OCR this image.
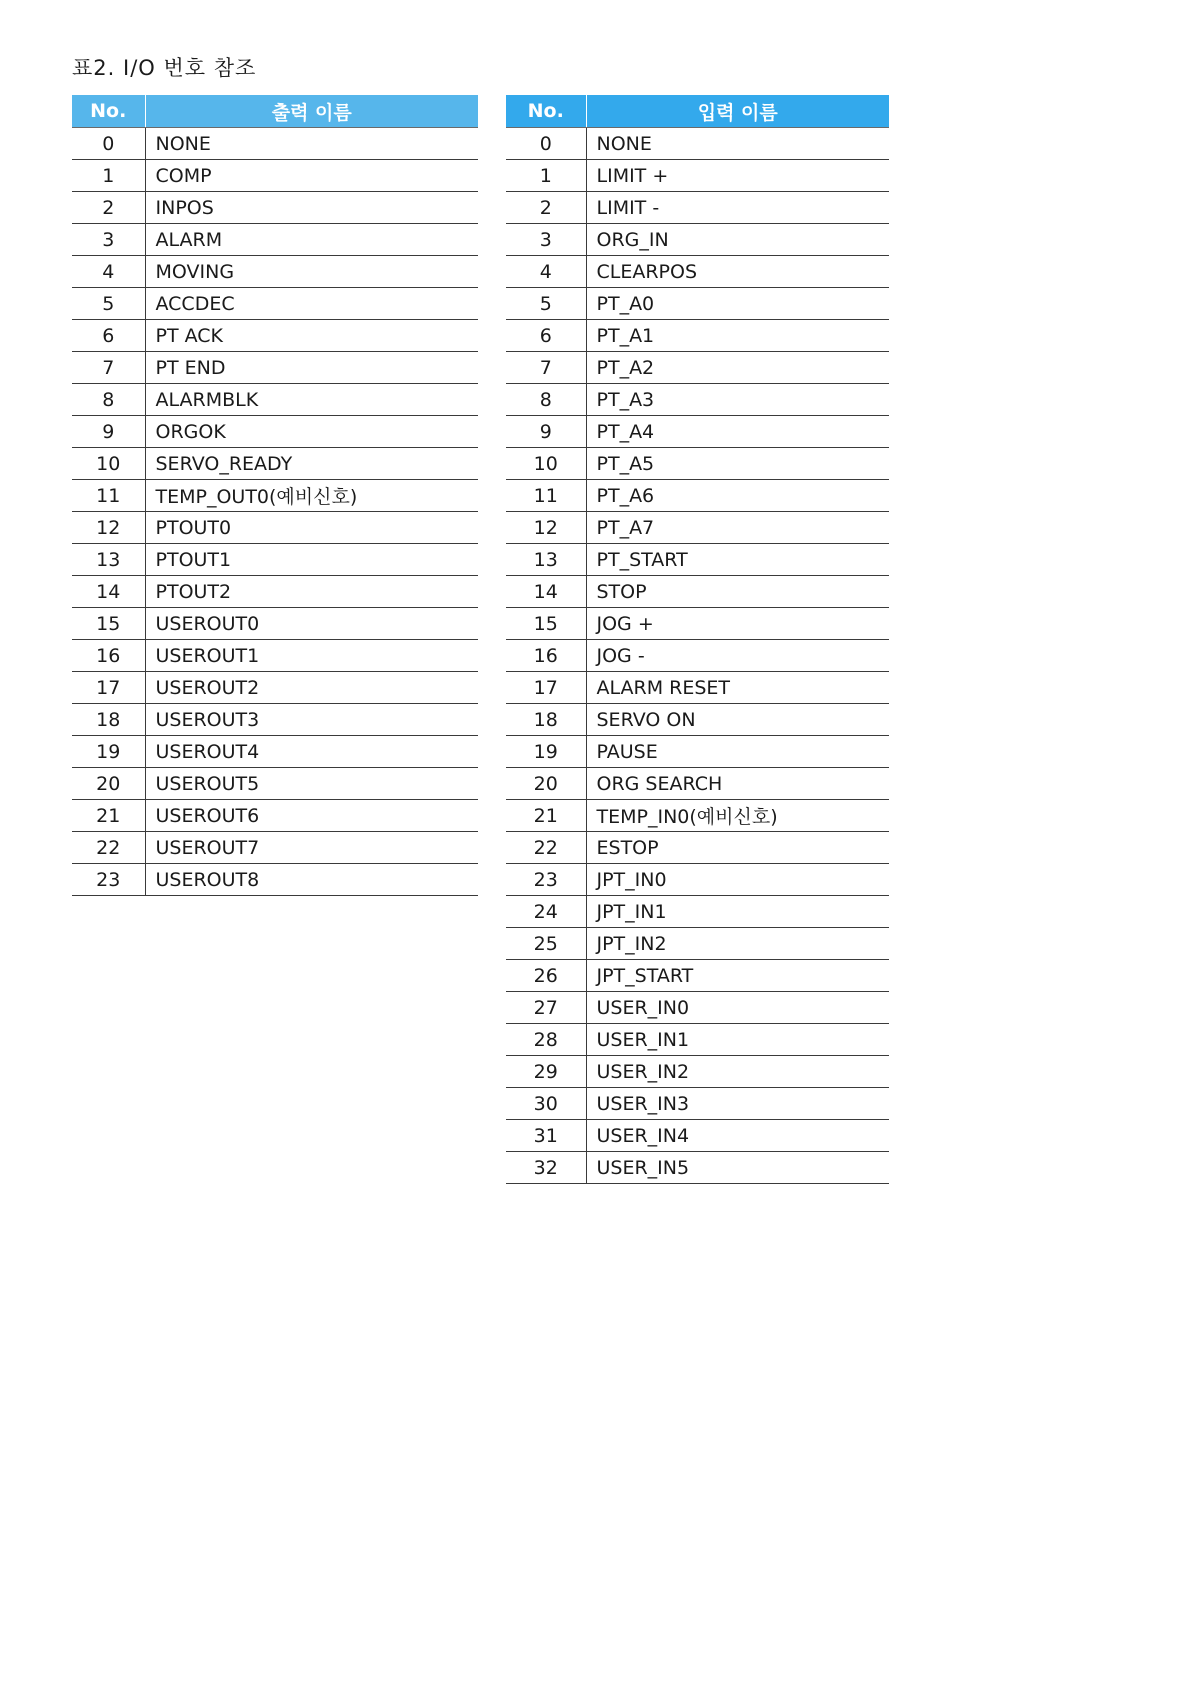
표2. I/O 번호 참조
No.	출력 이름
0	NONE
1	COMP
2	INPOS
3	ALARM
4	MOVING
5	ACCDEC
6	PT ACK
7	PT END
8	ALARMBLK
9	ORGOK
10	SERVO_READY
11	TEMP_OUT0(예비신호)
12	PTOUT0
13	PTOUT1
14	PTOUT2
15	USEROUT0
16	USEROUT1
17	USEROUT2
18	USEROUT3
19	USEROUT4
20	USEROUT5
21	USEROUT6
22	USEROUT7
23	USEROUT8
No.	입력 이름
0	NONE
1	LIMIT +
2	LIMIT -
3	ORG_IN
4	CLEARPOS
5	PT_A0
6	PT_A1
7	PT_A2
8	PT_A3
9	PT_A4
10	PT_A5
11	PT_A6
12	PT_A7
13	PT_START
14	STOP
15	JOG +
16	JOG -
17	ALARM RESET
18	SERVO ON
19	PAUSE
20	ORG SEARCH
21	TEMP_IN0(예비신호)
22	ESTOP
23	JPT_IN0
24	JPT_IN1
25	JPT_IN2
26	JPT_START
27	USER_IN0
28	USER_IN1
29	USER_IN2
30	USER_IN3
31	USER_IN4
32	USER_IN5
